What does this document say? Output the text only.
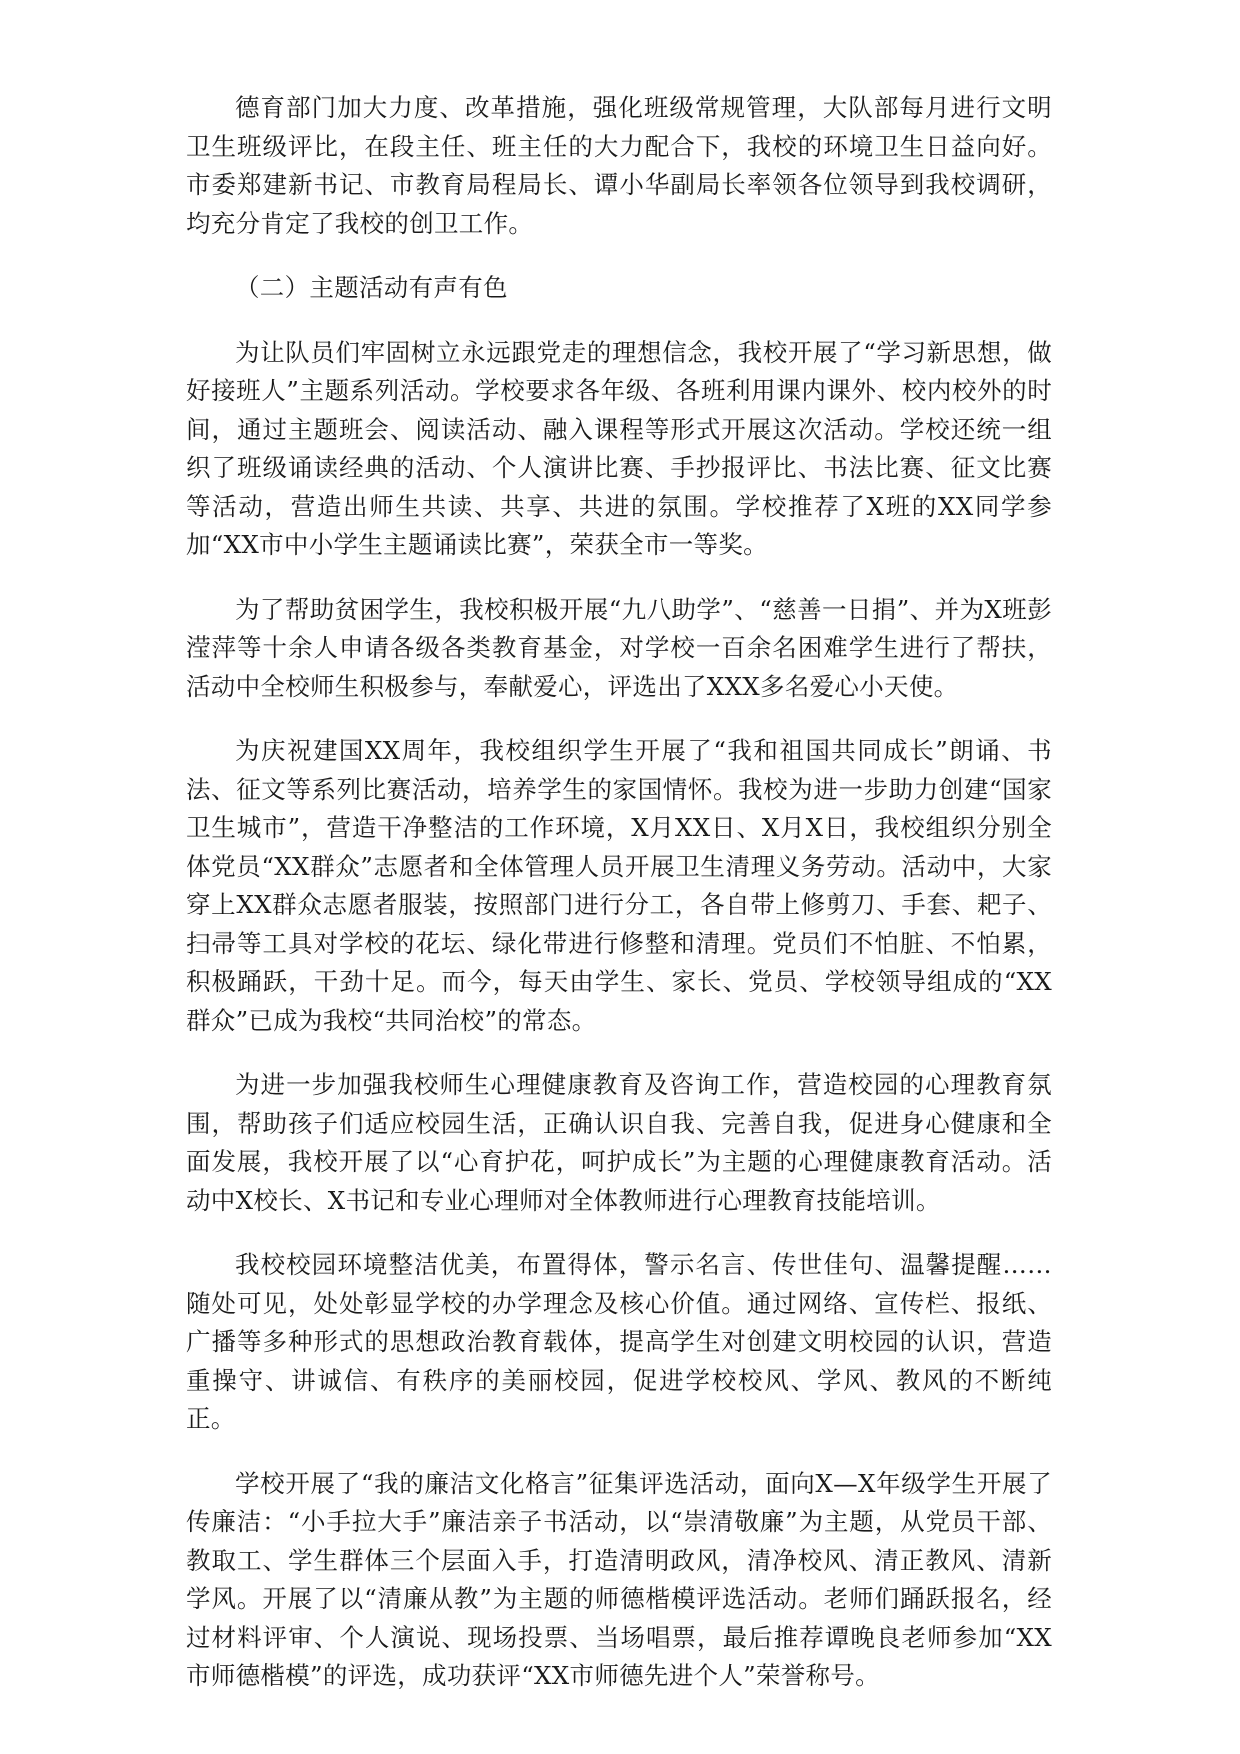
德育部门加大力度、改革措施，强化班级常规管理，大队部每月进行文明卫生班级评比，在段主任、班主任的大力配合下，我校的环境卫生日益向好。市委郑建新书记、市教育局程局长、谭小华副局长率领各位领导到我校调研，均充分肯定了我校的创卫工作。

（二）主题活动有声有色

为让队员们牢固树立永远跟党走的理想信念，我校开展了“学习新思想，做好接班人”主题系列活动。学校要求各年级、各班利用课内课外、校内校外的时间，通过主题班会、阅读活动、融入课程等形式开展这次活动。学校还统一组织了班级诵读经典的活动、个人演讲比赛、手抄报评比、书法比赛、征文比赛等活动，营造出师生共读、共享、共进的氛围。学校推荐了X班的XX同学参加“XX市中小学生主题诵读比赛”，荣获全市一等奖。

为了帮助贫困学生，我校积极开展“九八助学”、“慈善一日捐”、并为X班彭滢萍等十余人申请各级各类教育基金，对学校一百余名困难学生进行了帮扶，活动中全校师生积极参与，奉献爱心，评选出了XXX多名爱心小天使。

为庆祝建国XX周年，我校组织学生开展了“我和祖国共同成长”朗诵、书法、征文等系列比赛活动，培养学生的家国情怀。我校为进一步助力创建“国家卫生城市”，营造干净整洁的工作环境，X月XX日、X月X日，我校组织分别全体党员“XX群众”志愿者和全体管理人员开展卫生清理义务劳动。活动中，大家穿上XX群众志愿者服装，按照部门进行分工，各自带上修剪刀、手套、耙子、扫帚等工具对学校的花坛、绿化带进行修整和清理。党员们不怕脏、不怕累，积极踊跃，干劲十足。而今，每天由学生、家长、党员、学校领导组成的“XX群众”已成为我校“共同治校”的常态。

为进一步加强我校师生心理健康教育及咨询工作，营造校园的心理教育氛围，帮助孩子们适应校园生活，正确认识自我、完善自我，促进身心健康和全面发展，我校开展了以“心育护花，呵护成长”为主题的心理健康教育活动。活动中X校长、X书记和专业心理师对全体教师进行心理教育技能培训。

我校校园环境整洁优美，布置得体，警示名言、传世佳句、温馨提醒……随处可见，处处彰显学校的办学理念及核心价值。通过网络、宣传栏、报纸、广播等多种形式的思想政治教育载体，提高学生对创建文明校园的认识，营造重操守、讲诚信、有秩序的美丽校园，促进学校校风、学风、教风的不断纯正。

学校开展了“我的廉洁文化格言”征集评选活动，面向X—X年级学生开展了传廉洁：“小手拉大手”廉洁亲子书活动，以“崇清敬廉”为主题，从党员干部、教取工、学生群体三个层面入手，打造清明政风，清净校风、清正教风、清新学风。开展了以“清廉从教”为主题的师德楷模评选活动。老师们踊跃报名，经过材料评审、个人演说、现场投票、当场唱票，最后推荐谭晚良老师参加“XX市师德楷模”的评选，成功获评“XX市师德先进个人”荣誉称号。
